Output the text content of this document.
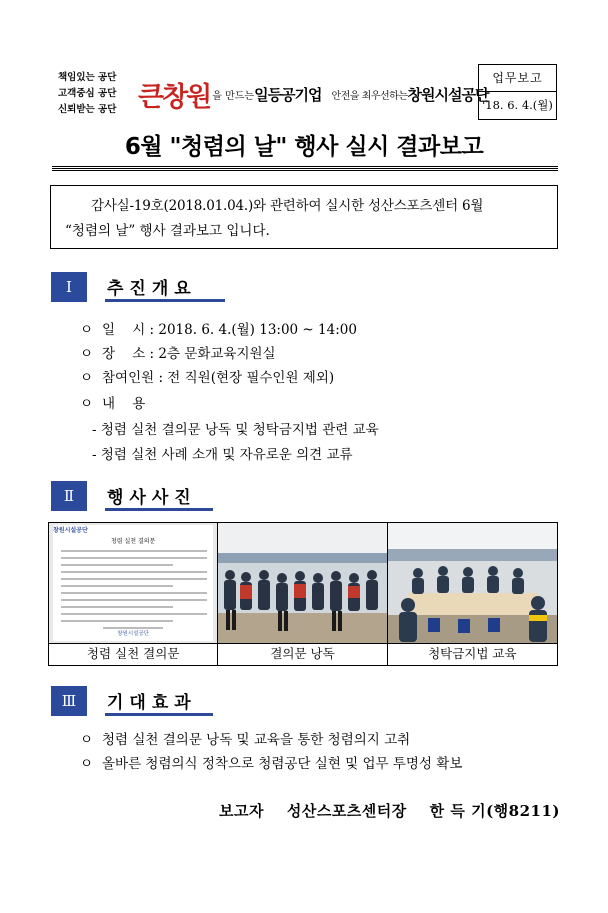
책임있는 공단
고객중심 공단
신뢰받는 공단 큰창원 을 만드는 일등공기업 안전을 최우선하는 창원시설공단
업무보고
'18. 6. 4.(월)
6월 "청렴의 날" 행사 실시 결과보고
감사실-19호(2018.01.04.)와 관련하여 실시한 성산스포츠센터 6월
“청렴의 날” 행사 결과보고 입니다.
Ⅰ	추진개요
ㅇ 일    시 : 2018. 6. 4.(월) 13:00 ~ 14:00
ㅇ 장    소 : 2층 문화교육지원실
ㅇ 참여인원 : 전 직원(현장 필수인원 제외)
ㅇ 내    용
- 청렴 실천 결의문 낭독 및 청탁금지법 관련 교육
- 청렴 실천 사례 소개 및 자유로운 의견 교류
Ⅱ	행사사진
창원시설공단
청렴 실천 결의문
창원시설공단
청렴 실천 결의문	결의문 낭독	청탁금지법 교육
Ⅲ	기대효과
ㅇ 청렴 실천 결의문 낭독 및 교육을 통한 청렴의지 고취
ㅇ 올바른 청렴의식 정착으로 청렴공단 실현 및 업무 투명성 확보
보고자    성산스포츠센터장    한 득 기(행8211)
